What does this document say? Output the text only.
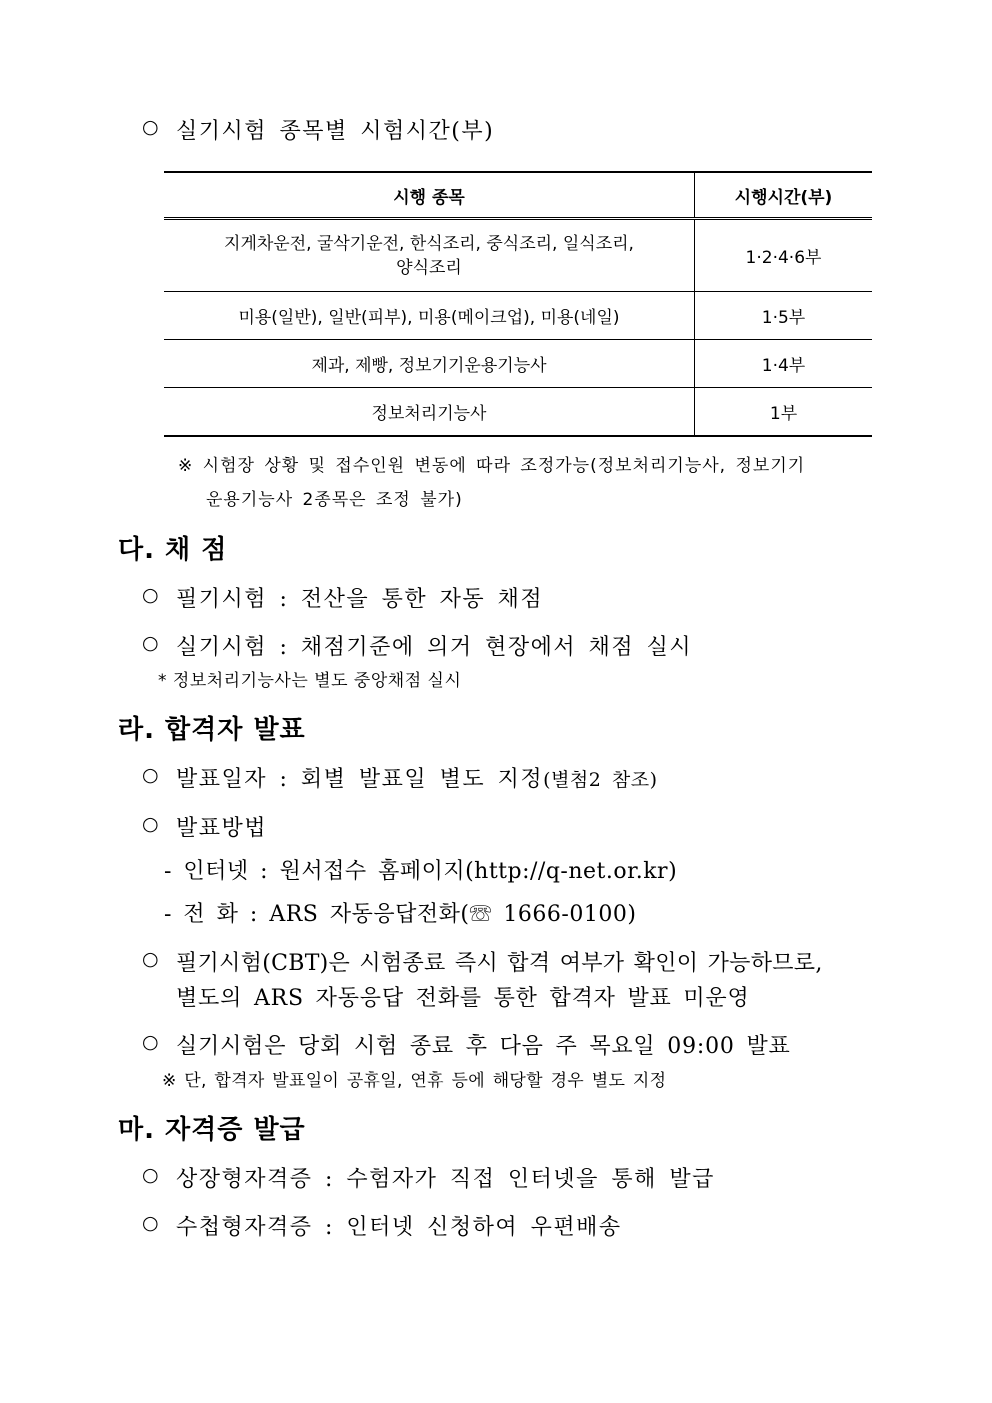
○ 실기시험 종목별 시험시간(부)
시행 종목	시행시간(부)

지게차운전, 굴삭기운전, 한식조리, 중식조리, 일식조리,
양식조리	1·2·4·6부
미용(일반), 일반(피부), 미용(메이크업), 미용(네일)	1·5부
제과, 제빵, 정보기기운용기능사	1·4부
정보처리기능사	1부
※ 시험장 상황 및 접수인원 변동에 따라 조정가능(정보처리기능사, 정보기기
운용기능사 2종목은 조정 불가)
다. 채 점
○ 필기시험 : 전산을 통한 자동 채점
○ 실기시험 : 채점기준에 의거 현장에서 채점 실시
* 정보처리기능사는 별도 중앙채점 실시
라. 합격자 발표
○ 발표일자 : 회별 발표일 별도 지정(별첨2 참조)
○ 발표방법
- 인터넷 : 원서접수 홈페이지(http://q-net.or.kr)
- 전 화 : ARS 자동응답전화(☏ 1666-0100)
○ 필기시험(CBT)은 시험종료 즉시 합격 여부가 확인이 가능하므로,
별도의 ARS 자동응답 전화를 통한 합격자 발표 미운영
○ 실기시험은 당회 시험 종료 후 다음 주 목요일 09:00 발표
※ 단, 합격자 발표일이 공휴일, 연휴 등에 해당할 경우 별도 지정
마. 자격증 발급
○ 상장형자격증 : 수험자가 직접 인터넷을 통해 발급
○ 수첩형자격증 : 인터넷 신청하여 우편배송
